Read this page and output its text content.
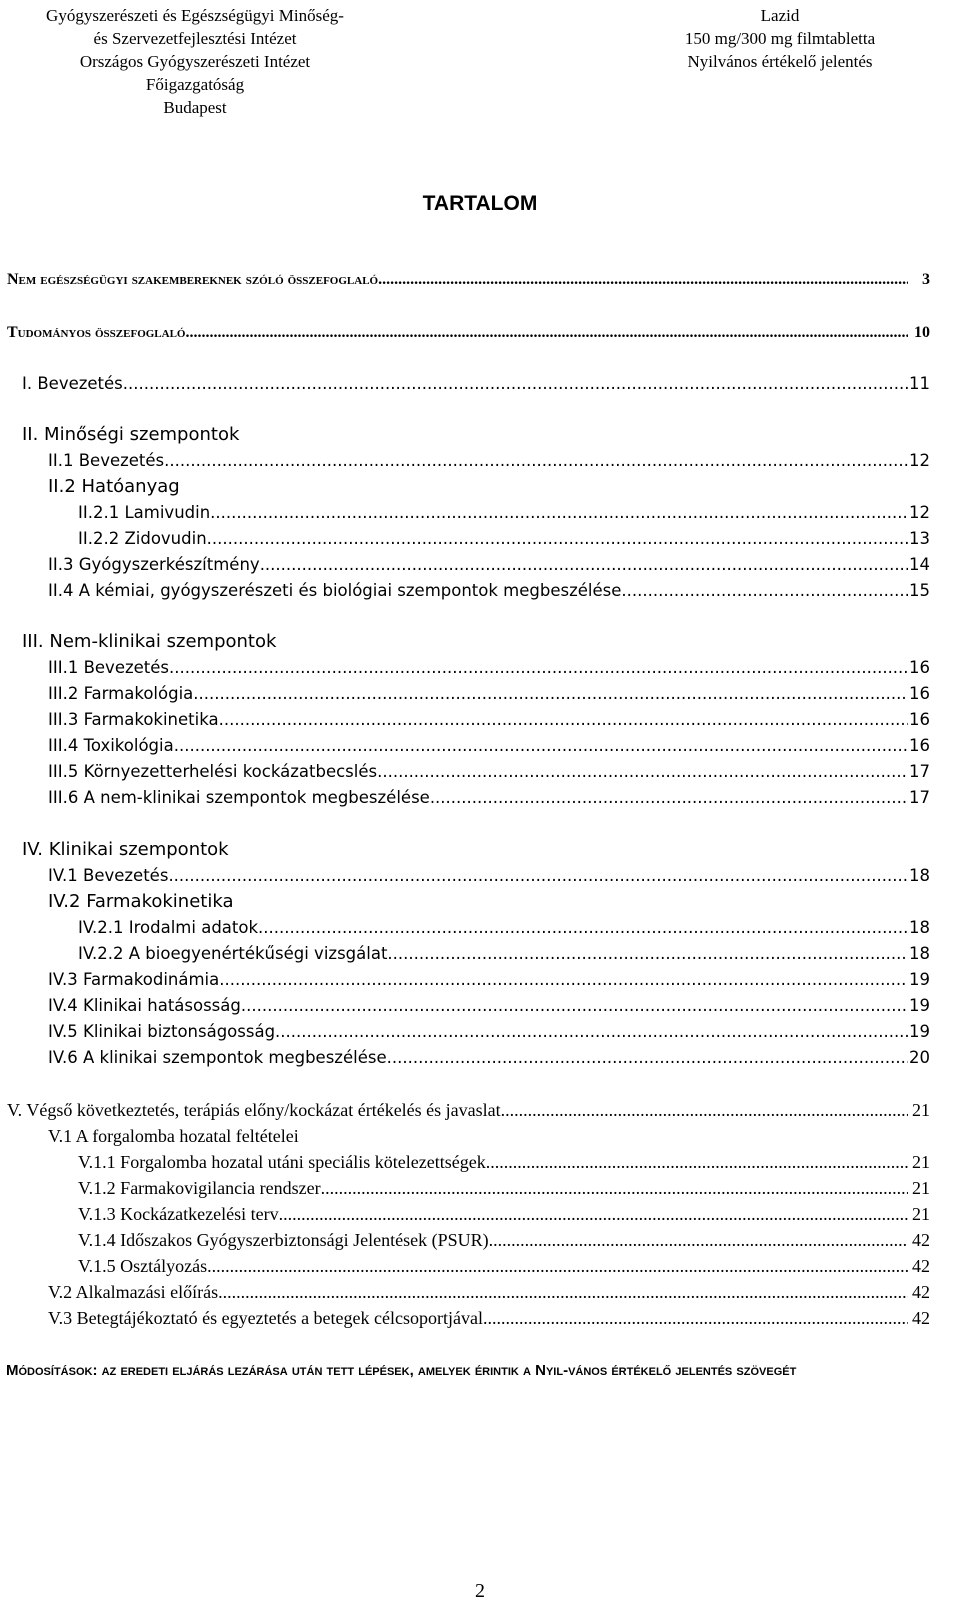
Gyógyszerészeti és Egészségügyi Minőség-
és Szervezetfejlesztési Intézet
Országos Gyógyszerészeti Intézet
Főigazgatóság
Budapest
Lazid
150 mg/300 mg filmtabletta
Nyilvános értékelő jelentés
TARTALOM
Nem egészségügyi szakembereknek szóló összefoglaló .....	3
Tudományos összefoglaló .....	10
I. Bevezetés .....	11
II. Minőségi szempontok
II.1 Bevezetés .....	12
II.2 Hatóanyag
II.2.1 Lamivudin .....	12
II.2.2 Zidovudin .....	13
II.3 Gyógyszerkészítmény .....	14
II.4 A kémiai, gyógyszerészeti és biológiai szempontok megbeszélése .....	15
III. Nem-klinikai szempontok
III.1 Bevezetés .....	16
III.2 Farmakológia .....	16
III.3 Farmakokinetika .....	16
III.4 Toxikológia .....	16
III.5 Környezetterhelési kockázatbecslés .....	17
III.6 A nem-klinikai szempontok megbeszélése .....	17
IV. Klinikai szempontok
IV.1 Bevezetés .....	18
IV.2 Farmakokinetika
IV.2.1 Irodalmi adatok .....	18
IV.2.2 A bioegyenértékűségi vizsgálat .....	18
IV.3 Farmakodinámia .....	19
IV.4 Klinikai hatásosság .....	19
IV.5 Klinikai biztonságosság .....	19
IV.6 A klinikai szempontok megbeszélése .....	20
V. Végső következtetés, terápiás előny/kockázat értékelés és javaslat .....	21
V.1 A forgalomba hozatal feltételei
V.1.1 Forgalomba hozatal utáni speciális kötelezettségek .....	21
V.1.2 Farmakovigilancia rendszer .....	21
V.1.3 Kockázatkezelési terv .....	21
V.1.4 Időszakos Gyógyszerbiztonsági Jelentések (PSUR) .....	42
V.1.5 Osztályozás .....	42
V.2 Alkalmazási előírás .....	42
V.3 Betegtájékoztató és egyeztetés a betegek célcsoportjával .....	42
Módosítások: az eredeti eljárás lezárása után tett lépések, amelyek érintik a Nyil-vános értékelő jelentés szövegét
2
